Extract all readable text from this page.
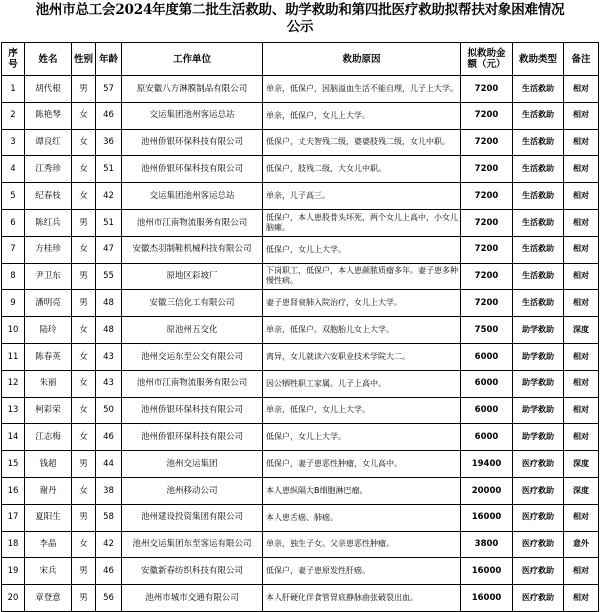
池州市总工会2024年度第二批生活救助、助学救助和第四批医疗救助拟帮扶对象困难情况
公示
序号	姓名	性别	年龄	工作单位	救助原因	拟救助金额（元）	救助类型	备注
1	胡代根	男	57	原安徽八方淋膜制品有限公司	单亲，低保户，因脑溢血生活不能自理，儿子上大学。	7200	生活救助	相对
2	陈艳琴	女	46	交运集团池州客运总站	单亲，低保户，女儿上大学。	7200	生活救助	相对
3	谭良红	女	36	池州侨银环保科技有限公司	低保户，丈夫智残二级，婆婆肢残二级，女儿中职。	7200	生活救助	相对
4	江秀珍	女	51	池州侨银环保科技有限公司	低保户，肢残二级，大女儿中职。	7200	生活救助	相对
5	纪春枝	女	42	交运集团池州客运总站	单亲，儿子高三。	7200	生活救助	相对
6	陈红兵	男	51	池州市江南物流服务有限公司	低保户，本人患股骨头坏死，两个女儿上高中，小女儿脑瘫。	7200	生活救助	相对
7	方桂珍	女	47	安徽杰羽制鞋机械科技有限公司	低保户，女儿上大学。	7200	生活救助	相对
8	尹卫东	男	55	原地区彩坡厂	下岗职工，低保户，本人患颜脓质瘤多年。妻子患多种慢性病。	7200	生活救助	相对
9	潘明亮	男	48	安徽三信化工有限公司	妻子患肾衰肺入院治疗，女儿上大学。	7200	生活救助	相对
10	陆玲	女	48	原池州五交化	单亲，低保户。双胞胎儿女上大学。	7500	助学救助	深度
11	陈春英	女	43	池州交运东至公交有限公司	离异，女儿就读六安职业技术学院大二。	6000	助学救助	相对
12	朱丽	女	43	池州市江南物流服务有限公司	因公牺牲职工家属。儿子上高中。	6000	助学救助	相对
13	柯彩荣	女	50	池州侨银环保科技有限公司	单亲，低保户，女儿上大学。	6000	助学救助	相对
14	江志梅	女	46	池州侨银环保科技有限公司	低保户，女儿上大学。	6000	助学救助	相对
15	钱超	男	44	池州交运集团	低保户，妻子患恶性肿瘤，女儿高中。	19400	医疗救助	深度
16	谢丹	女	38	池州移动公司	本人患纵隔大B细胞淋巴瘤。	20000	医疗救助	深度
17	夏阳生	男	58	池州建设投资集团有限公司	本人患舌癌、肺癌。	16000	医疗救助	相对
18	李晶	女	42	池州交运集团东至客运有限公司	单亲，独生子女。父亲患恶性肿瘤。	3800	医疗救助	意外
19	宋兵	男	46	安徽新春纺织科技有限公司	低保户，妻子患原发性肝癌。	16000	医疗救助	相对
20	章登意	男	56	池州市城市交通有限公司	本人肝硬化伴食管胃底静脉曲张破裂出血。	16000	医疗救助	相对
